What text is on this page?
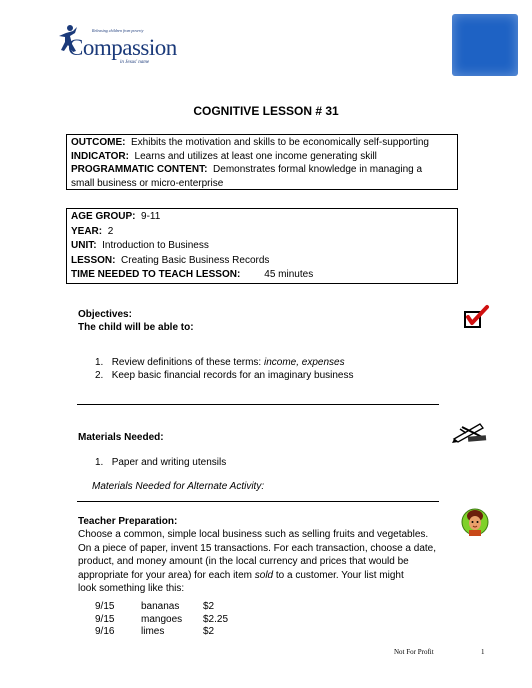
Releasing children from poverty
Compassion
in Jesus' name
COGNITIVE LESSON # 31
OUTCOME: Exhibits the motivation and skills to be economically self-supporting
INDICATOR: Learns and utilizes at least one income generating skill
PROGRAMMATIC CONTENT: Demonstrates formal knowledge in managing a
small business or micro-enterprise
AGE GROUP: 9-11
YEAR: 2
UNIT: Introduction to Business
LESSON: Creating Basic Business Records
TIME NEEDED TO TEACH LESSON: 45 minutes
Objectives:
The child will be able to:
1. Review definitions of these terms: income, expenses
2. Keep basic financial records for an imaginary business
Materials Needed:
1. Paper and writing utensils
Materials Needed for Alternate Activity:
Teacher Preparation:
Choose a common, simple local business such as selling fruits and vegetables.
On a piece of paper, invent 15 transactions. For each transaction, choose a date,
product, and money amount (in the local currency and prices that would be
appropriate for your area) for each item sold to a customer. Your list might
look something like this:
9/15	bananas $2
9/15	mangoes $2.25
9/16	limes	$2
Not For Profit	1
